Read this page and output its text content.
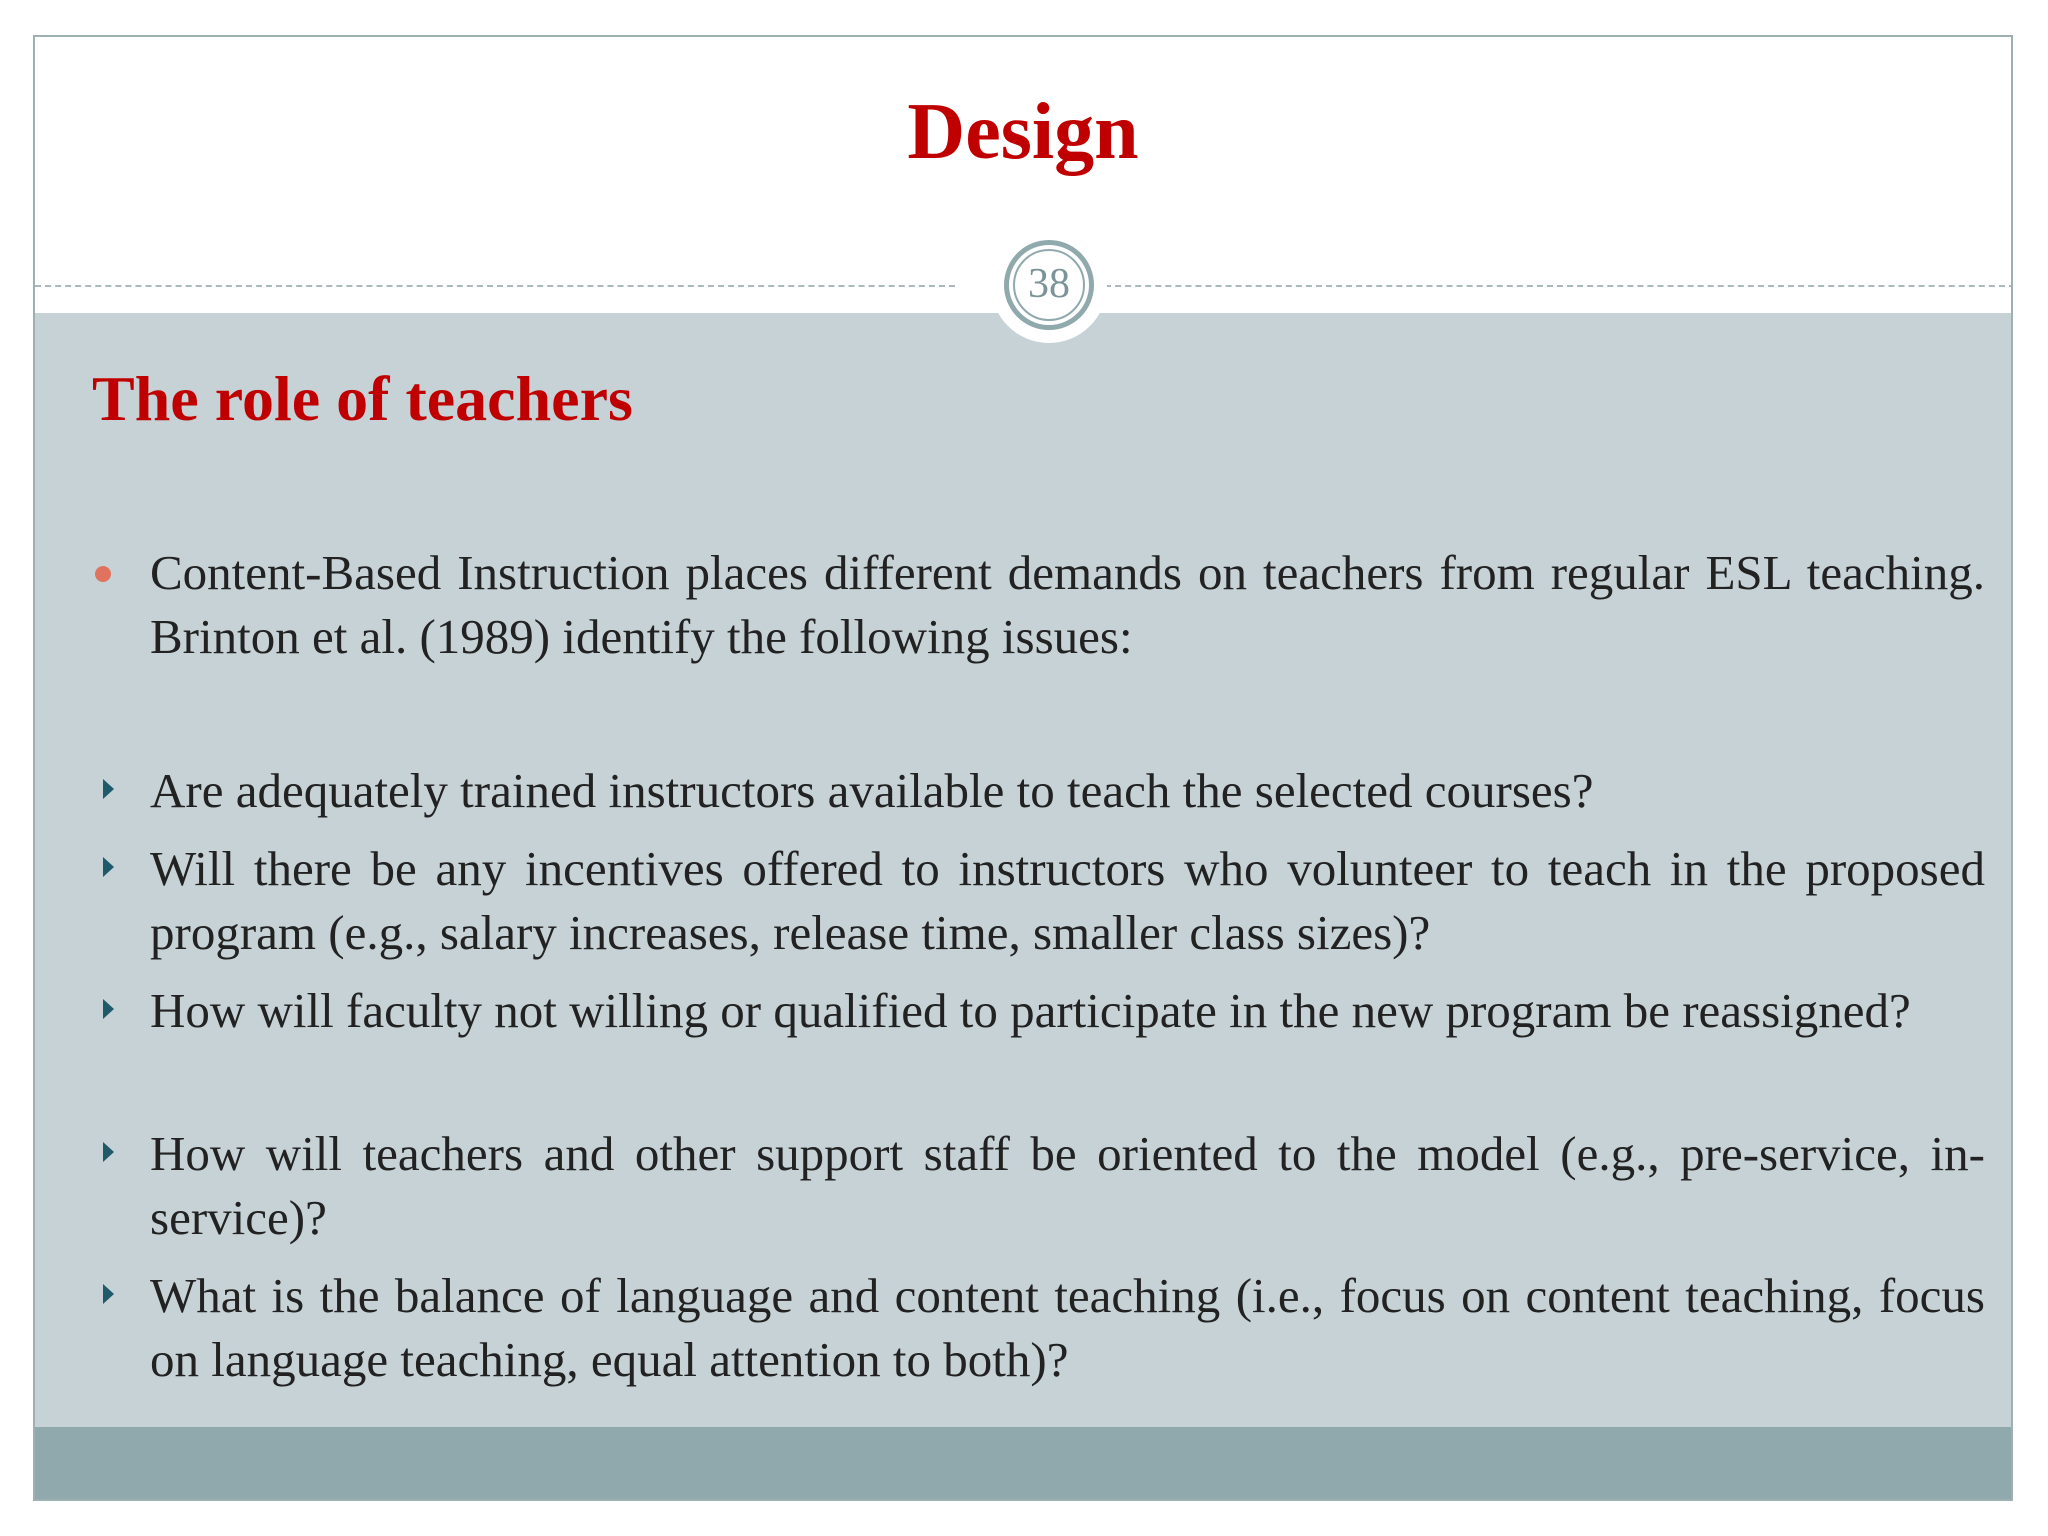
Design
38
The role of teachers
Content-Based Instruction places different demands on teachers from regular ESL teaching. Brinton et al. (1989) identify the following issues:
Are adequately trained instructors available to teach the selected courses?
Will there be any incentives offered to instructors who volunteer to teach in the proposed program (e.g., salary increases, release time, smaller class sizes)?
How will faculty not willing or qualified to participate in the new program be reassigned?
How will teachers and other support staff be oriented to the model (e.g., pre-service, in-service)?
What is the balance of language and content teaching (i.e., focus on content teaching, focus on language teaching, equal attention to both)?
